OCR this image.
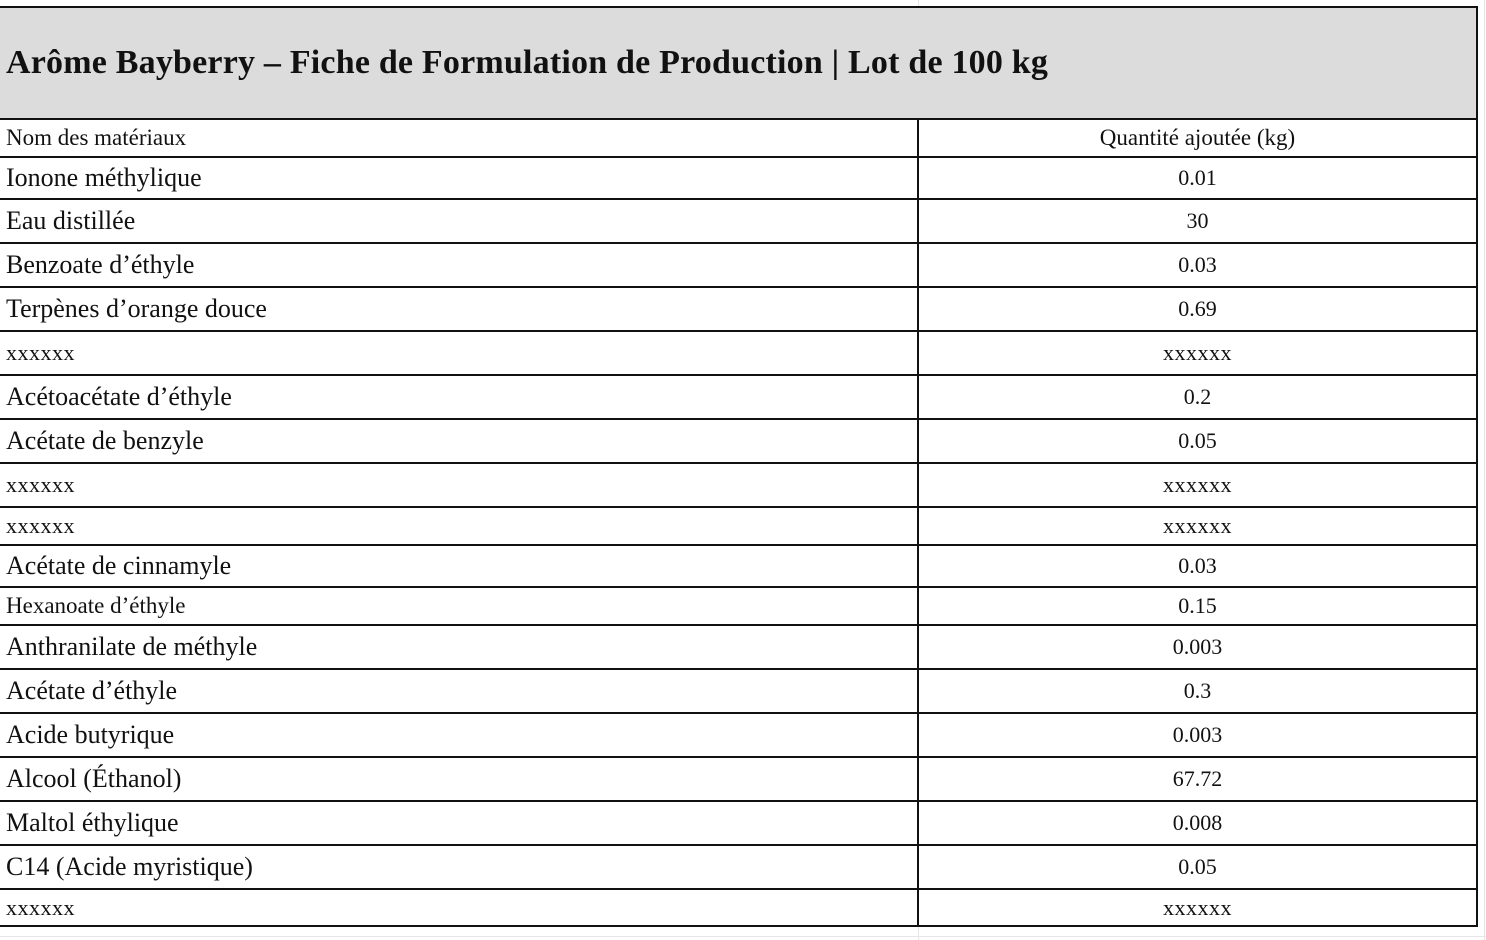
Arôme Bayberry – Fiche de Formulation de Production | Lot de 100 kg
Nom des matériaux	Quantité ajoutée (kg)
Ionone méthylique	0.01
Eau distillée	30
Benzoate d’éthyle	0.03
Terpènes d’orange douce	0.69
xxxxxx	xxxxxx
Acétoacétate d’éthyle	0.2
Acétate de benzyle	0.05
xxxxxx	xxxxxx
xxxxxx	xxxxxx
Acétate de cinnamyle	0.03
Hexanoate d’éthyle	0.15
Anthranilate de méthyle	0.003
Acétate d’éthyle	0.3
Acide butyrique	0.003
Alcool (Éthanol)	67.72
Maltol éthylique	0.008
C14 (Acide myristique)	0.05
xxxxxx	xxxxxx
